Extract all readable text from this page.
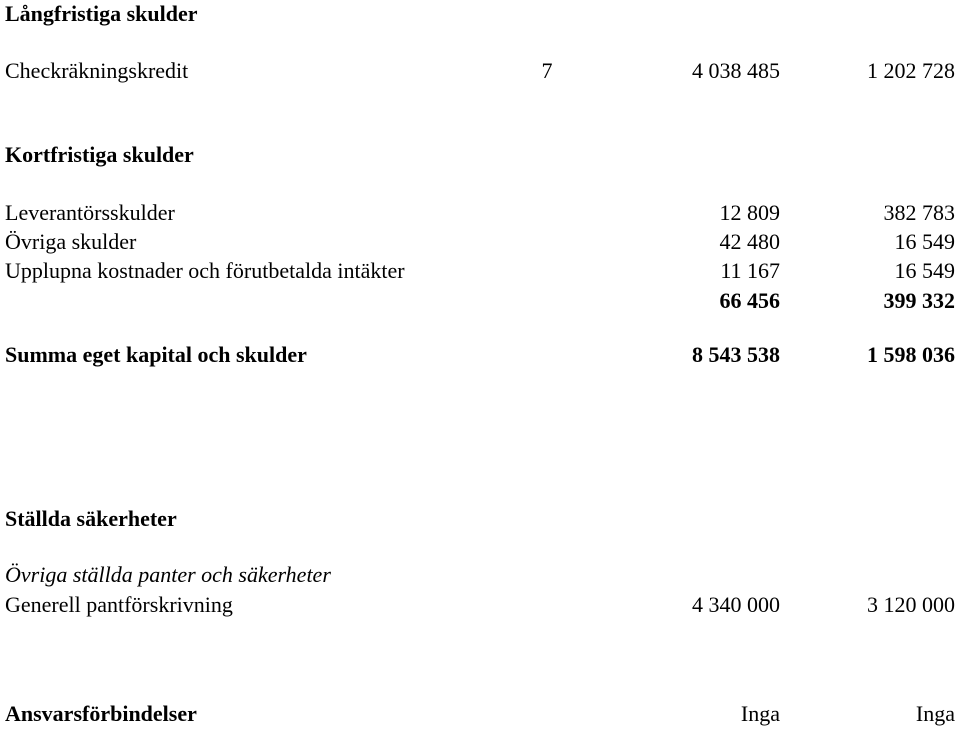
Långfristiga skulder
Checkräkningskredit	7	4 038 485	1 202 728
Kortfristiga skulder
Leverantörsskulder	12 809	382 783
Övriga skulder	42 480	16 549
Upplupna kostnader och förutbetalda intäkter	11 167	16 549
66 456	399 332
Summa eget kapital och skulder	8 543 538	1 598 036
Ställda säkerheter
Övriga ställda panter och säkerheter
Generell pantförskrivning	4 340 000	3 120 000
Ansvarsförbindelser	Inga	Inga
